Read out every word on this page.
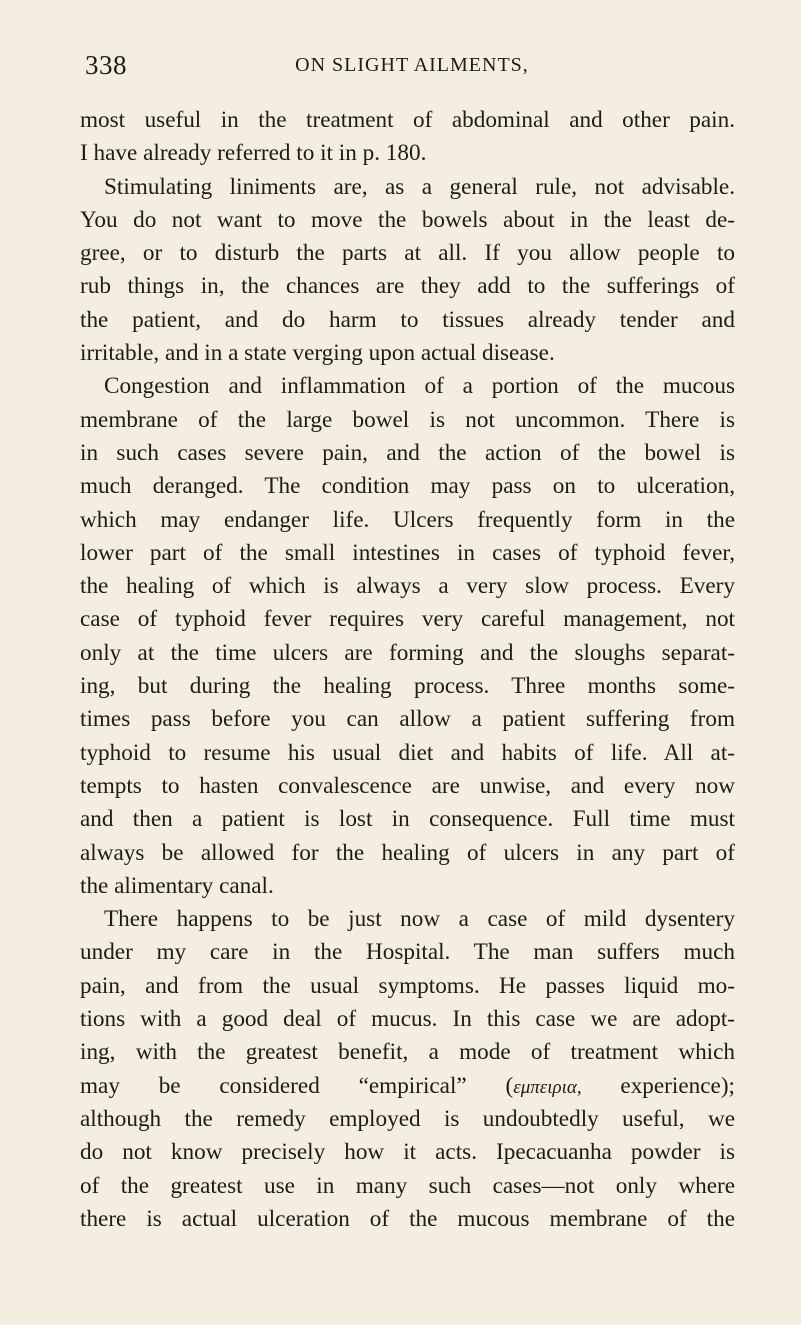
338	ON SLIGHT AILMENTS,
most useful in the treatment of abdominal and other pain.
I have already referred to it in p. 180.
Stimulating liniments are, as a general rule, not advisable.
You do not want to move the bowels about in the least de-
gree, or to disturb the parts at all. If you allow people to
rub things in, the chances are they add to the sufferings of
the patient, and do harm to tissues already tender and
irritable, and in a state verging upon actual disease.
Congestion and inflammation of a portion of the mucous
membrane of the large bowel is not uncommon. There is
in such cases severe pain, and the action of the bowel is
much deranged. The condition may pass on to ulceration,
which may endanger life. Ulcers frequently form in the
lower part of the small intestines in cases of typhoid fever,
the healing of which is always a very slow process. Every
case of typhoid fever requires very careful management, not
only at the time ulcers are forming and the sloughs separat-
ing, but during the healing process. Three months some-
times pass before you can allow a patient suffering from
typhoid to resume his usual diet and habits of life. All at-
tempts to hasten convalescence are unwise, and every now
and then a patient is lost in consequence. Full time must
always be allowed for the healing of ulcers in any part of
the alimentary canal.
There happens to be just now a case of mild dysentery
under my care in the Hospital. The man suffers much
pain, and from the usual symptoms. He passes liquid mo-
tions with a good deal of mucus. In this case we are adopt-
ing, with the greatest benefit, a mode of treatment which
may be considered “empirical” (εμπειρια, experience);
although the remedy employed is undoubtedly useful, we
do not know precisely how it acts. Ipecacuanha powder is
of the greatest use in many such cases—not only where
there is actual ulceration of the mucous membrane of the
